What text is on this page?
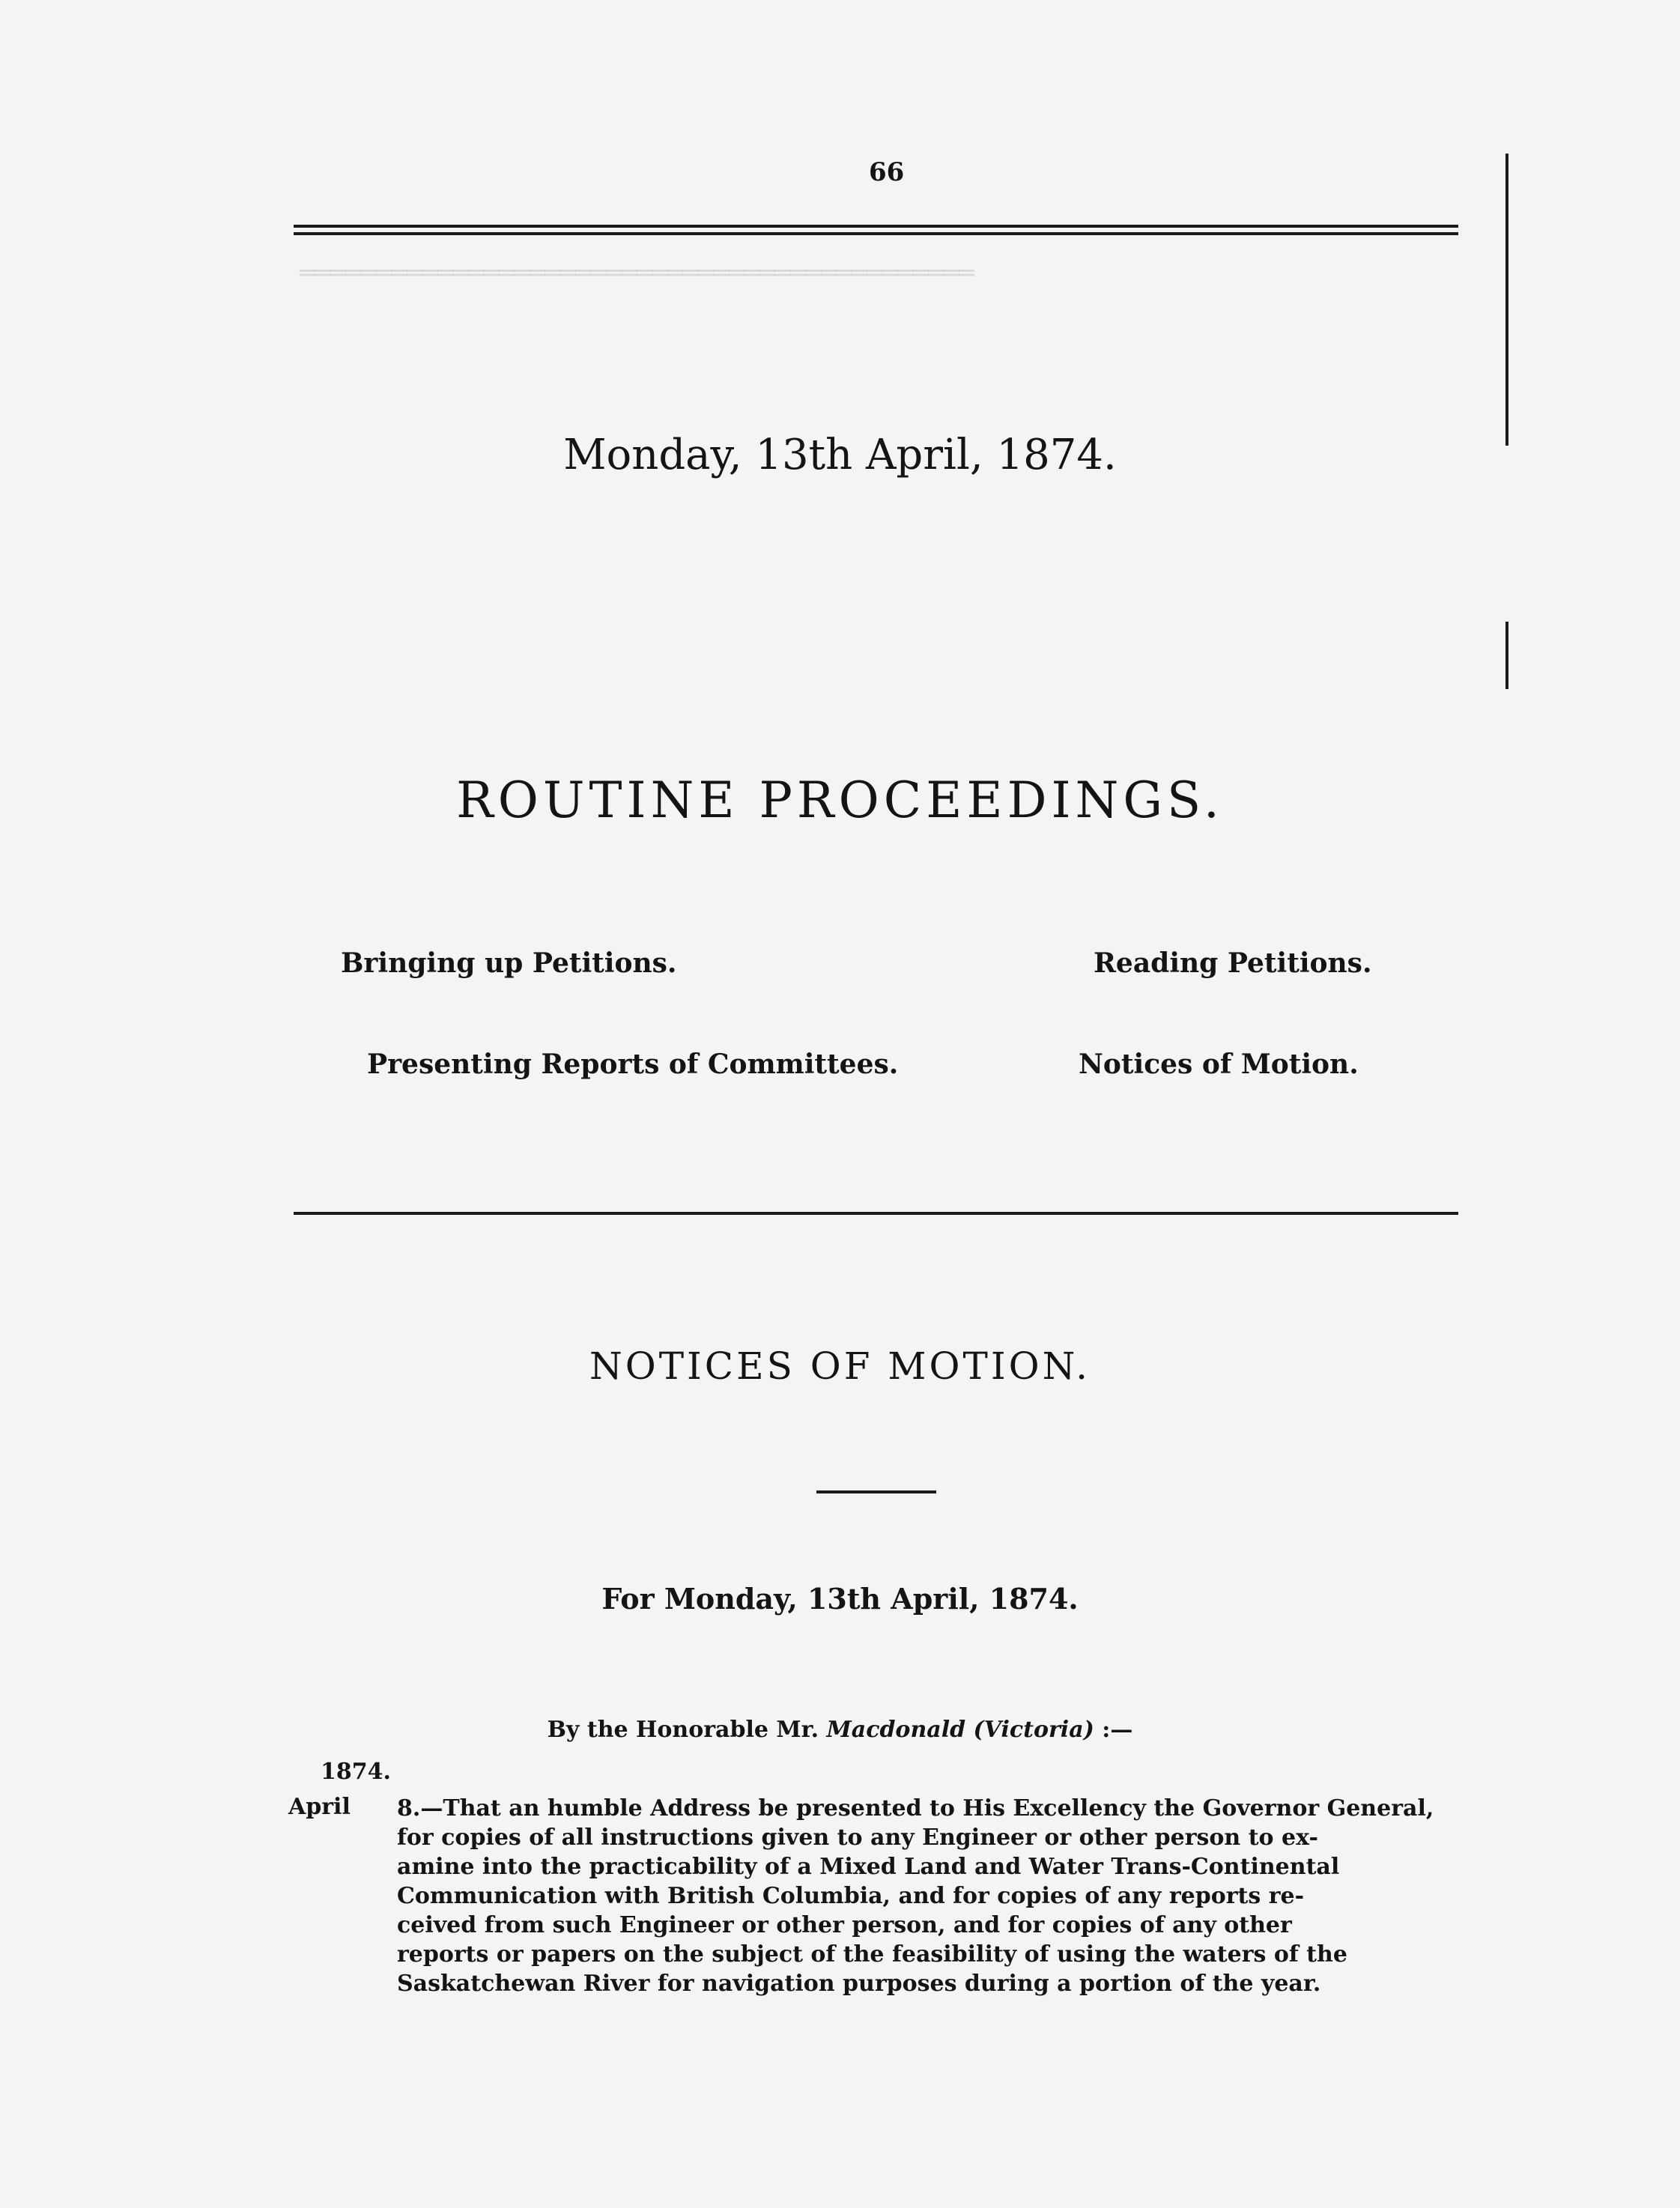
════════════════════════════════════════════
66
Monday, 13th April, 1874.
ROUTINE PROCEEDINGS.
Bringing up Petitions.	Reading Petitions.
Presenting Reports of Committees.	Notices of Motion.
NOTICES OF MOTION.
For Monday, 13th April, 1874.
By the Honorable Mr. Macdonald (Victoria) :—
1874.
April 8.—That an humble Address be presented to His Excellency the Governor General,
for copies of all instructions given to any Engineer or other person to ex-
amine into the practicability of a Mixed Land and Water Trans-Continental
Communication with British Columbia, and for copies of any reports re-
ceived from such Engineer or other person, and for copies of any other
reports or papers on the subject of the feasibility of using the waters of the
Saskatchewan River for navigation purposes during a portion of the year.
